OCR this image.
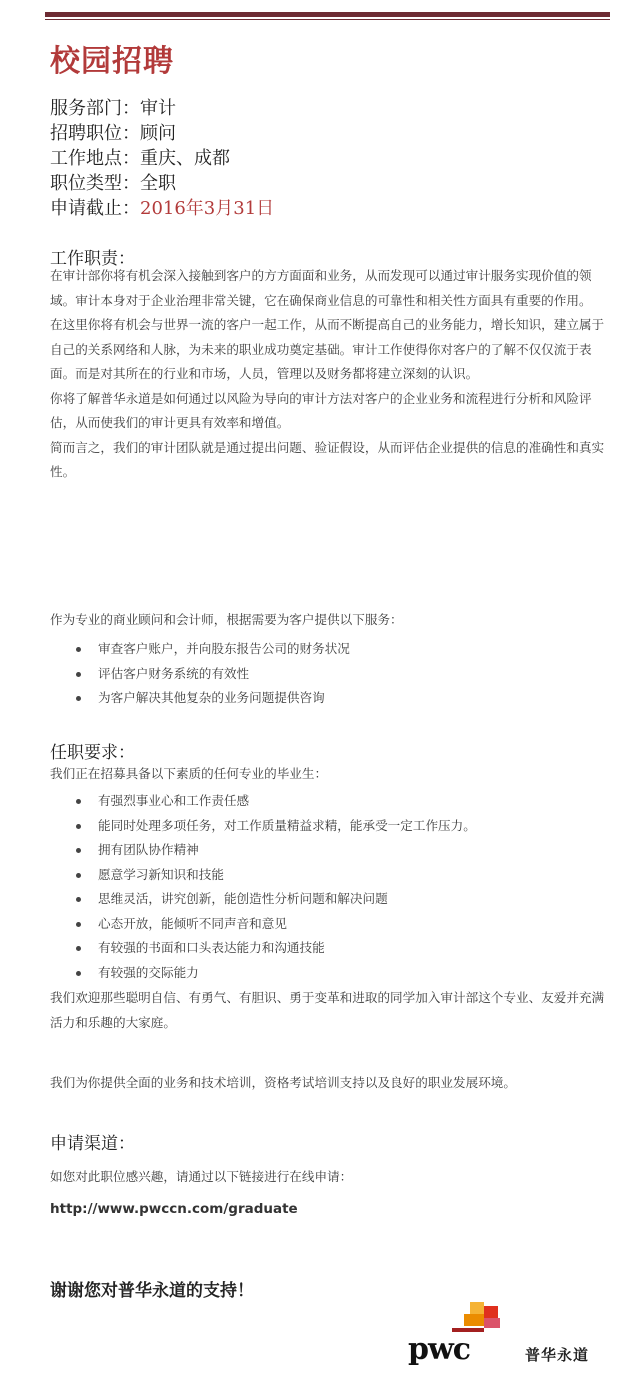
校园招聘
服务部门：审计
招聘职位：顾问
工作地点：重庆、成都
职位类型：全职
申请截止：2016年3月31日
工作职责：

在审计部你将有机会深入接触到客户的方方面面和业务，从而发现可以通过审计服务实现价值的领域。审计本身对于企业治理非常关键，它在确保商业信息的可靠性和相关性方面具有重要的作用。

在这里你将有机会与世界一流的客户一起工作，从而不断提高自己的业务能力，增长知识，建立属于自己的关系网络和人脉，为未来的职业成功奠定基础。审计工作使得你对客户的了解不仅仅流于表面。而是对其所在的行业和市场，人员，管理以及财务都将建立深刻的认识。

你将了解普华永道是如何通过以风险为导向的审计方法对客户的企业业务和流程进行分析和风险评估，从而使我们的审计更具有效率和增值。

简而言之，我们的审计团队就是通过提出问题、验证假设，从而评估企业提供的信息的准确性和真实性。

作为专业的商业顾问和会计师，根据需要为客户提供以下服务：
审查客户账户，并向股东报告公司的财务状况
评估客户财务系统的有效性
为客户解决其他复杂的业务问题提供咨询
任职要求：
我们正在招募具备以下素质的任何专业的毕业生：
有强烈事业心和工作责任感
能同时处理多项任务，对工作质量精益求精，能承受一定工作压力。
拥有团队协作精神
愿意学习新知识和技能
思维灵活，讲究创新，能创造性分析问题和解决问题
心态开放，能倾听不同声音和意见
有较强的书面和口头表达能力和沟通技能
有较强的交际能力
我们欢迎那些聪明自信、有勇气、有胆识、勇于变革和进取的同学加入审计部这个专业、友爱并充满活力和乐趣的大家庭。
我们为你提供全面的业务和技术培训，资格考试培训支持以及良好的职业发展环境。
申请渠道：
如您对此职位感兴趣，请通过以下链接进行在线申请：
http://www.pwccn.com/graduate
谢谢您对普华永道的支持！
pwc	普华永道
